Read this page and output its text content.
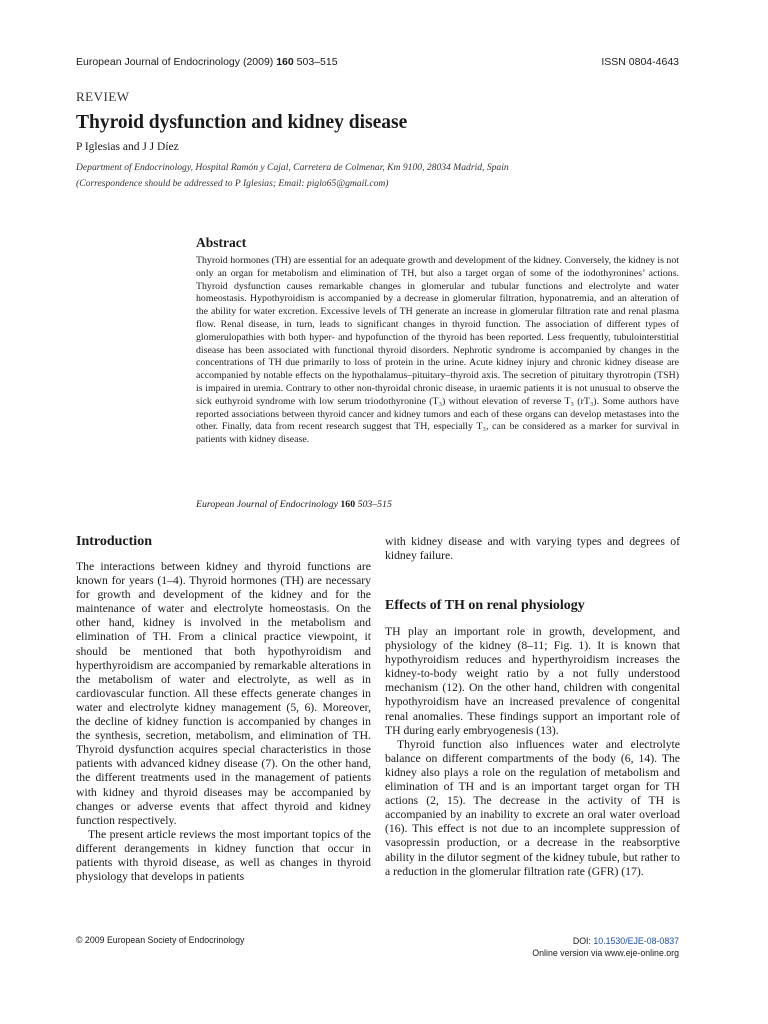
European Journal of Endocrinology (2009) 160 503–515	ISSN 0804-4643
REVIEW
Thyroid dysfunction and kidney disease
P Iglesias and J J Díez
Department of Endocrinology, Hospital Ramón y Cajal, Carretera de Colmenar, Km 9100, 28034 Madrid, Spain
(Correspondence should be addressed to P Iglesias; Email: piglo65@gmail.com)
Abstract

Thyroid hormones (TH) are essential for an adequate growth and development of the kidney. Conversely, the kidney is not only an organ for metabolism and elimination of TH, but also a target organ of some of the iodothyronines’ actions. Thyroid dysfunction causes remarkable changes in glomerular and tubular functions and electrolyte and water homeostasis. Hypothyroidism is accompanied by a decrease in glomerular filtration, hyponatremia, and an alteration of the ability for water excretion. Excessive levels of TH generate an increase in glomerular filtration rate and renal plasma flow. Renal disease, in turn, leads to significant changes in thyroid function. The association of different types of glomerulopathies with both hyper- and hypofunction of the thyroid has been reported. Less frequently, tubulointerstitial disease has been associated with functional thyroid disorders. Nephrotic syndrome is accompanied by changes in the concentrations of TH due primarily to loss of protein in the urine. Acute kidney injury and chronic kidney disease are accompanied by notable effects on the hypothalamus–pituitary–thyroid axis. The secretion of pituitary thyrotropin (TSH) is impaired in uremia. Contrary to other non-thyroidal chronic disease, in uraemic patients it is not unusual to observe the sick euthyroid syndrome with low serum triodothyronine (T₃) without elevation of reverse T₃ (rT₃). Some authors have reported associations between thyroid cancer and kidney tumors and each of these organs can develop metastases into the other. Finally, data from recent research suggest that TH, especially T₃, can be considered as a marker for survival in patients with kidney disease.

European Journal of Endocrinology 160 503–515
Introduction

The interactions between kidney and thyroid functions are known for years (1–4). Thyroid hormones (TH) are necessary for growth and development of the kidney and for the maintenance of water and electrolyte homeostasis. On the other hand, kidney is involved in the metabolism and elimination of TH. From a clinical practice viewpoint, it should be mentioned that both hypothyroidism and hyperthyroidism are accompanied by remarkable alterations in the metabolism of water and electrolyte, as well as in cardiovascular function. All these effects generate changes in water and electrolyte kidney management (5, 6). Moreover, the decline of kidney function is accompanied by changes in the synthesis, secretion, metabolism, and elimination of TH. Thyroid dysfunction acquires special characteristics in those patients with advanced kidney disease (7). On the other hand, the different treatments used in the management of patients with kidney and thyroid diseases may be accompanied by changes or adverse events that affect thyroid and kidney function respectively.

The present article reviews the most important topics of the different derangements in kidney function that occur in patients with thyroid disease, as well as changes in thyroid physiology that develops in patients

with kidney disease and with varying types and degrees of kidney failure.

Effects of TH on renal physiology

TH play an important role in growth, development, and physiology of the kidney (8–11; Fig. 1). It is known that hypothyroidism reduces and hyperthyroidism increases the kidney-to-body weight ratio by a not fully understood mechanism (12). On the other hand, children with congenital hypothyroidism have an increased prevalence of congenital renal anomalies. These findings support an important role of TH during early embryogenesis (13).

Thyroid function also influences water and electrolyte balance on different compartments of the body (6, 14). The kidney also plays a role on the regulation of metabolism and elimination of TH and is an important target organ for TH actions (2, 15). The decrease in the activity of TH is accompanied by an inability to excrete an oral water overload (16). This effect is not due to an incomplete suppression of vasopressin production, or a decrease in the reabsorptive ability in the dilutor segment of the kidney tubule, but rather to a reduction in the glomerular filtration rate (GFR) (17).

© 2009 European Society of Endocrinology	DOI: 10.1530/EJE-08-0837
Online version via www.eje-online.org
